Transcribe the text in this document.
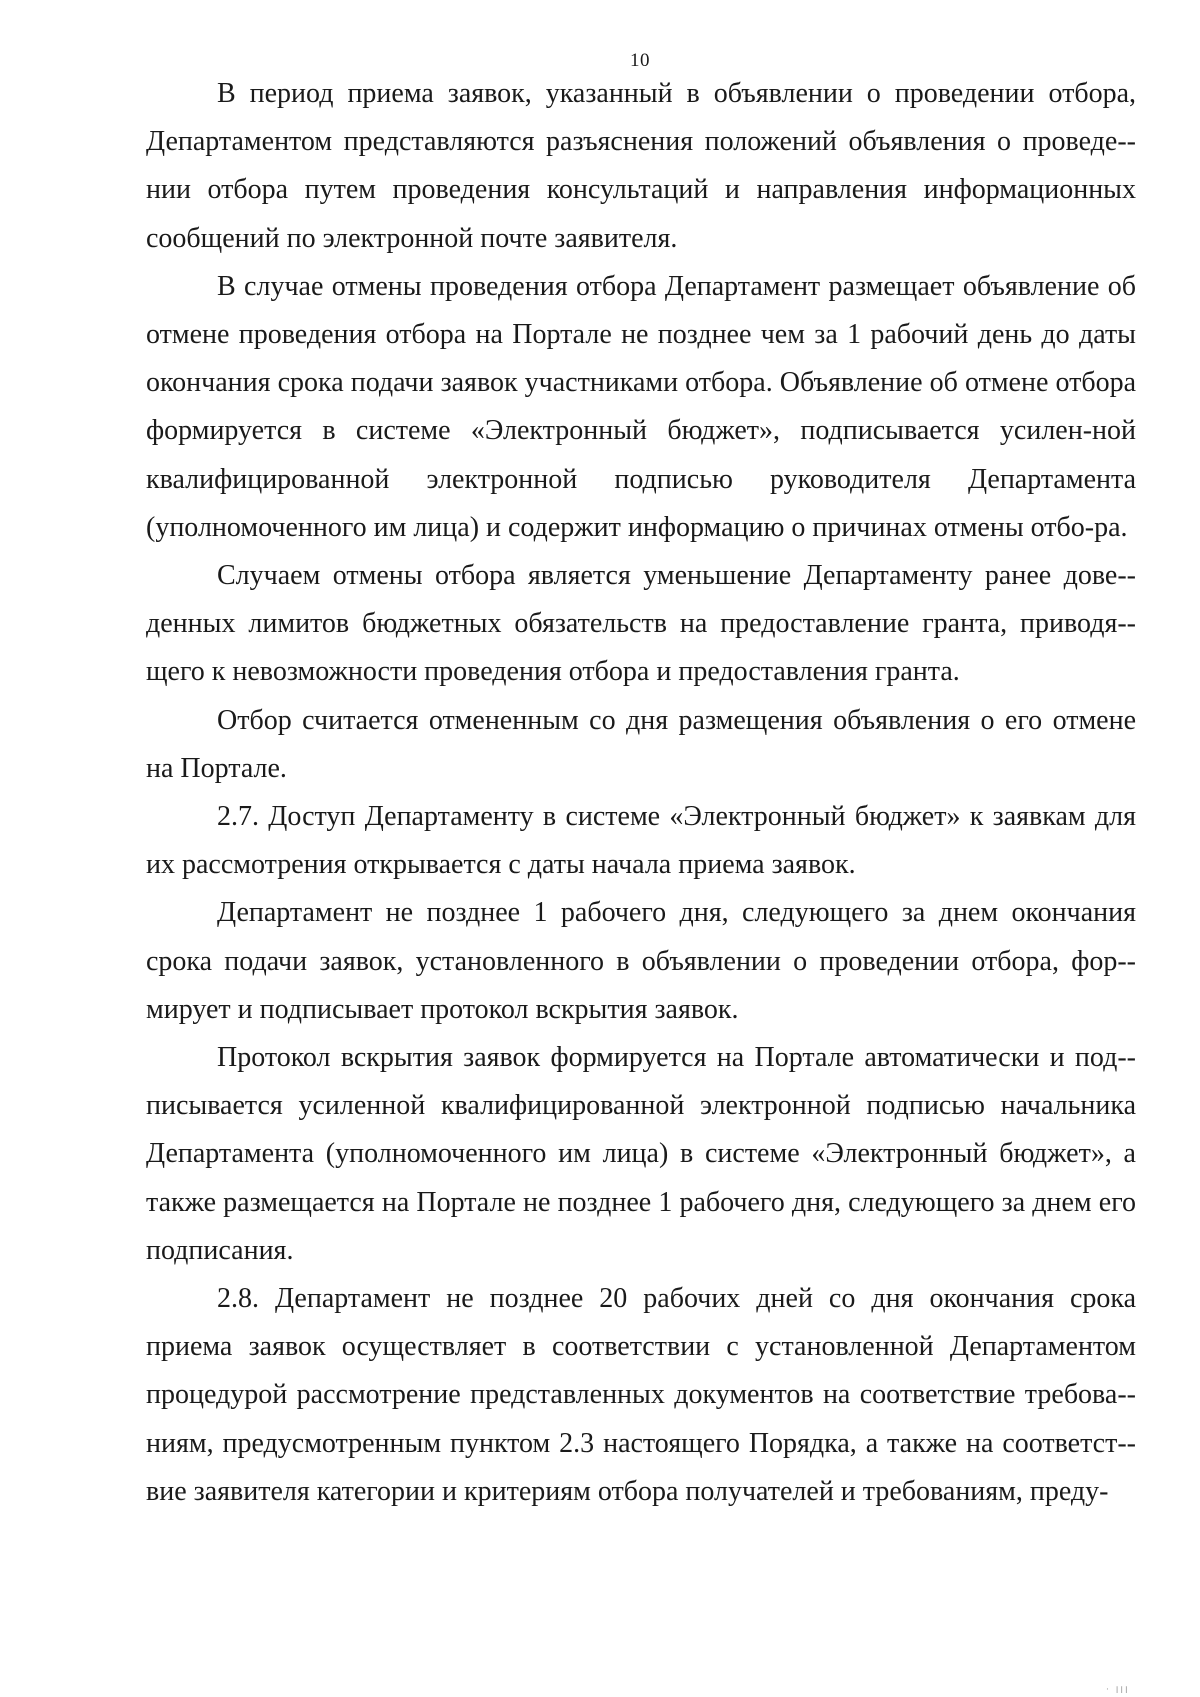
10

В период приема заявок, указанный в объявлении о проведении отбора, Департаментом представляются разъяснения положений объявления о проведе-нии отбора путем проведения консультаций и направления информационных сообщений по электронной почте заявителя.

В случае отмены проведения отбора Департамент размещает объявление об отмене проведения отбора на Портале не позднее чем за 1 рабочий день до даты окончания срока подачи заявок участниками отбора. Объявление об отмене отбора формируется в системе «Электронный бюджет», подписывается усилен-ной квалифицированной электронной подписью руководителя Департамента (уполномоченного им лица) и содержит информацию о причинах отмены отбо-ра.

Случаем отмены отбора является уменьшение Департаменту ранее дове-денных лимитов бюджетных обязательств на предоставление гранта, приводя-щего к невозможности проведения отбора и предоставления гранта.

Отбор считается отмененным со дня размещения объявления о его отмене на Портале.

2.7. Доступ Департаменту в системе «Электронный бюджет» к заявкам для их рассмотрения открывается с даты начала приема заявок.

Департамент не позднее 1 рабочего дня, следующего за днем окончания срока подачи заявок, установленного в объявлении о проведении отбора, фор-мирует и подписывает протокол вскрытия заявок.

Протокол вскрытия заявок формируется на Портале автоматически и под-писывается усиленной квалифицированной электронной подписью начальника Департамента (уполномоченного им лица) в системе «Электронный бюджет», а также размещается на Портале не позднее 1 рабочего дня, следующего за днем его подписания.

2.8. Департамент не позднее 20 рабочих дней со дня окончания срока приема заявок осуществляет в соответствии с установленной Департаментом процедурой рассмотрение представленных документов на соответствие требова-ниям, предусмотренным пунктом 2.3 настоящего Порядка, а также на соответст-вие заявителя категории и критериям отбора получателей и требованиям, преду-

· ׀׀׀
